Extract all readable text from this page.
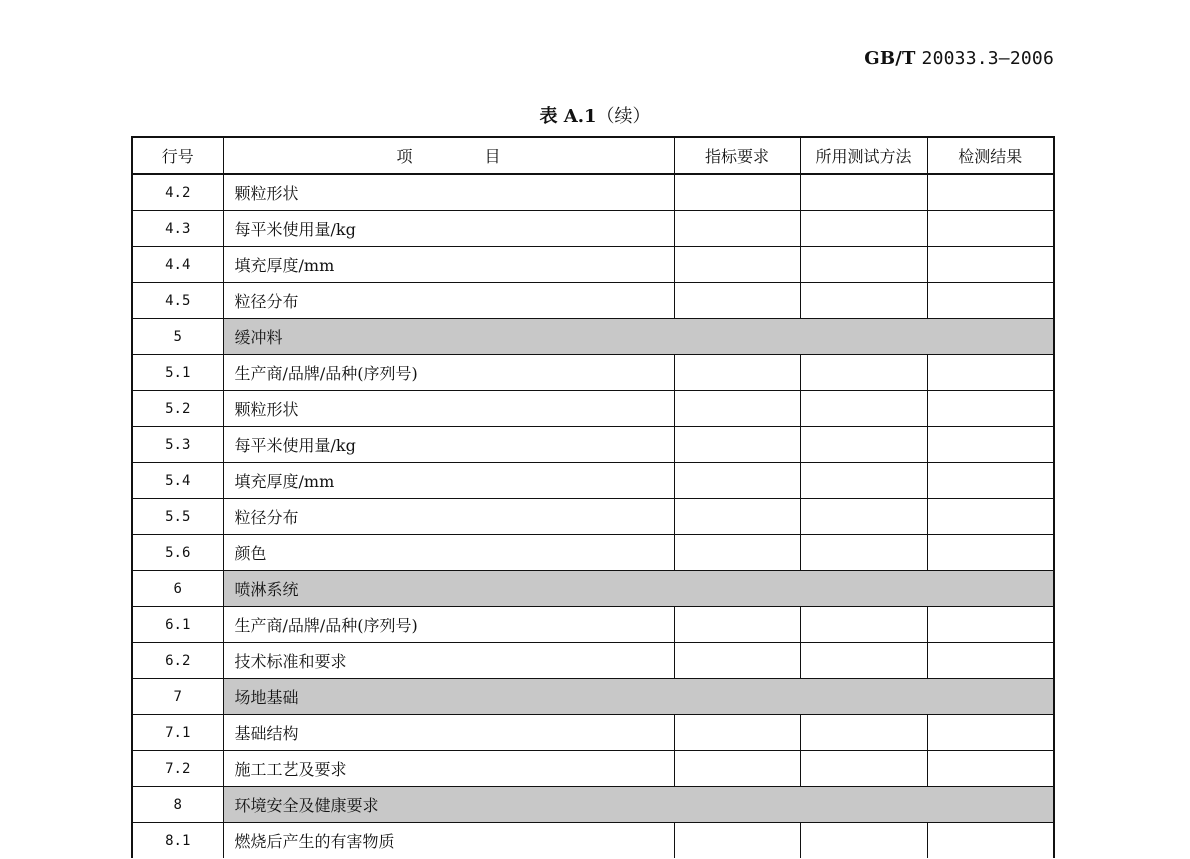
GB/T 20033.3—2006
表 A.1（续）
行号	项 目	指标要求	所用测试方法	检测结果
4.2	颗粒形状			
4.3	每平米使用量/kg			
4.4	填充厚度/mm			
4.5	粒径分布			
5	缓冲料			
5.1	生产商/品牌/品种(序列号)			
5.2	颗粒形状			
5.3	每平米使用量/kg			
5.4	填充厚度/mm			
5.5	粒径分布			
5.6	颜色			
6	喷淋系统			
6.1	生产商/品牌/品种(序列号)			
6.2	技术标准和要求			
7	场地基础			
7.1	基础结构			
7.2	施工工艺及要求			
8	环境安全及健康要求			
8.1	燃烧后产生的有害物质			
